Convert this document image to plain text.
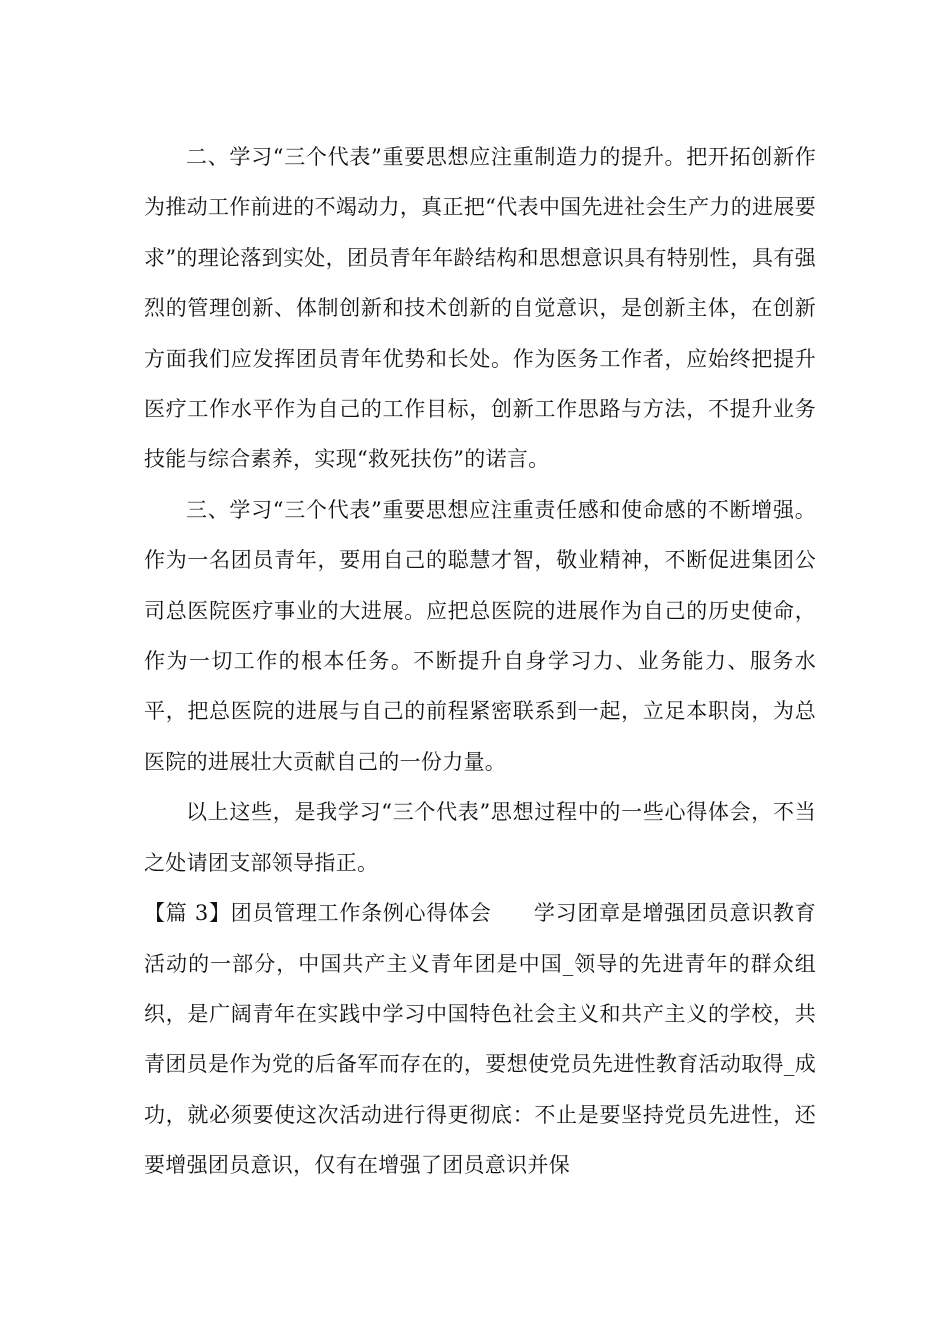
二、学习“三个代表”重要思想应注重制造力的提升。把开拓创新作为推动工作前进的不竭动力，真正把“代表中国先进社会生产力的进展要求”的理论落到实处，团员青年年龄结构和思想意识具有特别性，具有强烈的管理创新、体制创新和技术创新的自觉意识，是创新主体，在创新方面我们应发挥团员青年优势和长处。作为医务工作者，应始终把提升医疗工作水平作为自己的工作目标，创新工作思路与方法，不提升业务技能与综合素养，实现“救死扶伤”的诺言。

三、学习“三个代表”重要思想应注重责任感和使命感的不断增强。作为一名团员青年，要用自己的聪慧才智，敬业精神，不断促进集团公司总医院医疗事业的大进展。应把总医院的进展作为自己的历史使命，作为一切工作的根本任务。不断提升自身学习力、业务能力、服务水平，把总医院的进展与自己的前程紧密联系到一起，立足本职岗，为总医院的进展壮大贡献自己的一份力量。

以上这些，是我学习“三个代表”思想过程中的一些心得体会，不当之处请团支部领导指正。

【篇 3】团员管理工作条例心得体会 学习团章是增强团员意识教育活动的一部分，中国共产主义青年团是中国_领导的先进青年的群众组织，是广阔青年在实践中学习中国特色社会主义和共产主义的学校，共青团员是作为党的后备军而存在的，要想使党员先进性教育活动取得_成功，就必须要使这次活动进行得更彻底：不止是要坚持党员先进性，还要增强团员意识，仅有在增强了团员意识并保
